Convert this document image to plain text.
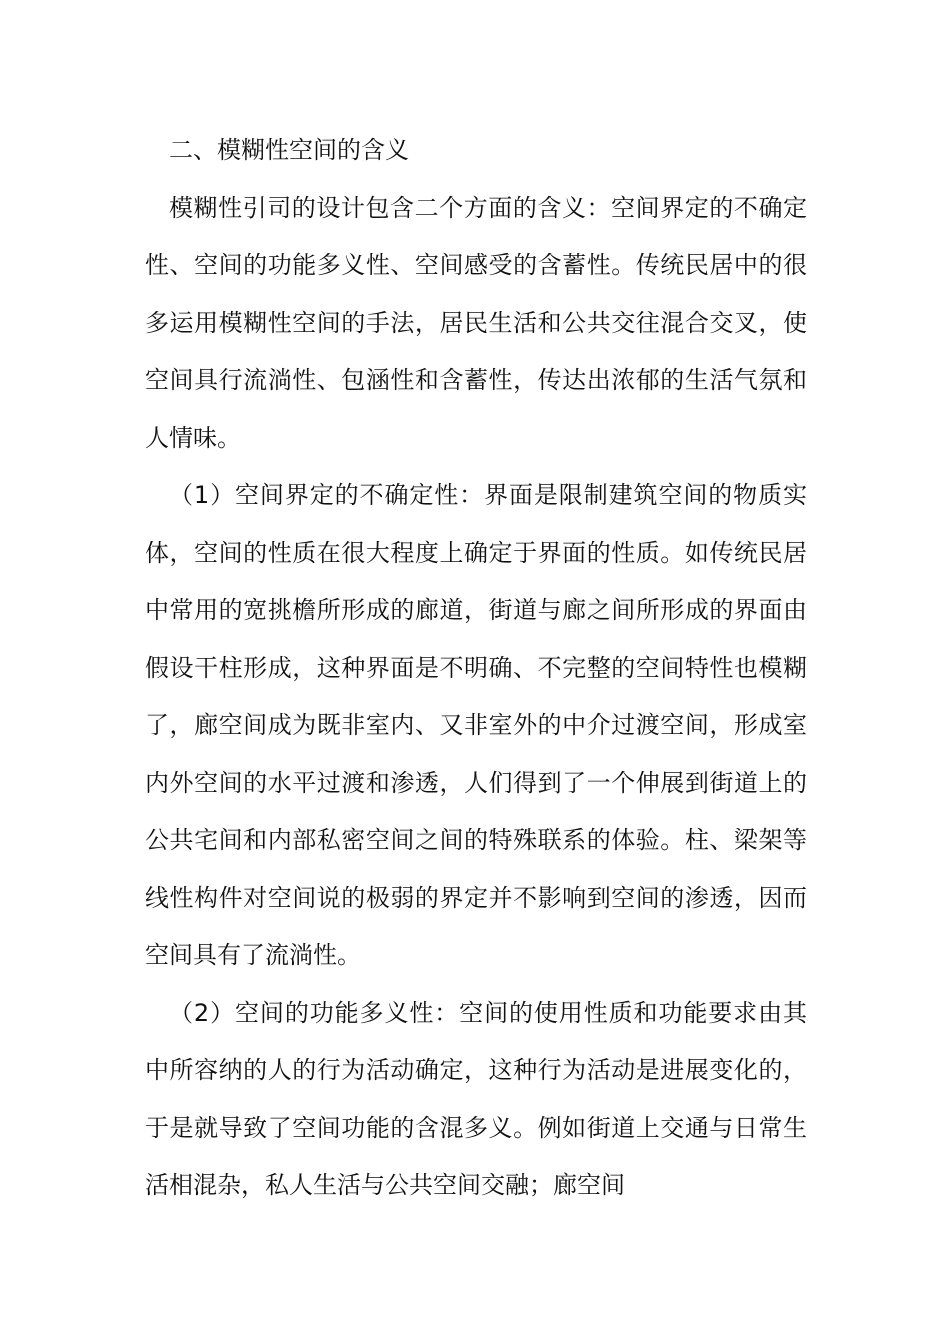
二、模糊性空间的含义

模糊性引司的设计包含二个方面的含义：空间界定的不确定性、空间的功能多义性、空间感受的含蓄性。传统民居中的很多运用模糊性空间的手法，居民生活和公共交往混合交叉，使空间具行流淌性、包涵性和含蓄性，传达出浓郁的生活气氛和人情味。

（1）空间界定的不确定性：界面是限制建筑空间的物质实体，空间的性质在很大程度上确定于界面的性质。如传统民居中常用的宽挑檐所形成的廊道，街道与廊之间所形成的界面由假设干柱形成，这种界面是不明确、不完整的空间特性也模糊了，廊空间成为既非室内、又非室外的中介过渡空间，形成室内外空间的水平过渡和渗透，人们得到了一个伸展到街道上的公共宅间和内部私密空间之间的特殊联系的体验。柱、梁架等线性构件对空间说的极弱的界定并不影响到空间的渗透，因而空间具有了流淌性。

（2）空间的功能多义性：空间的使用性质和功能要求由其中所容纳的人的行为活动确定，这种行为活动是进展变化的，于是就导致了空间功能的含混多义。例如街道上交通与日常生活相混杂，私人生活与公共空间交融；廊空间
